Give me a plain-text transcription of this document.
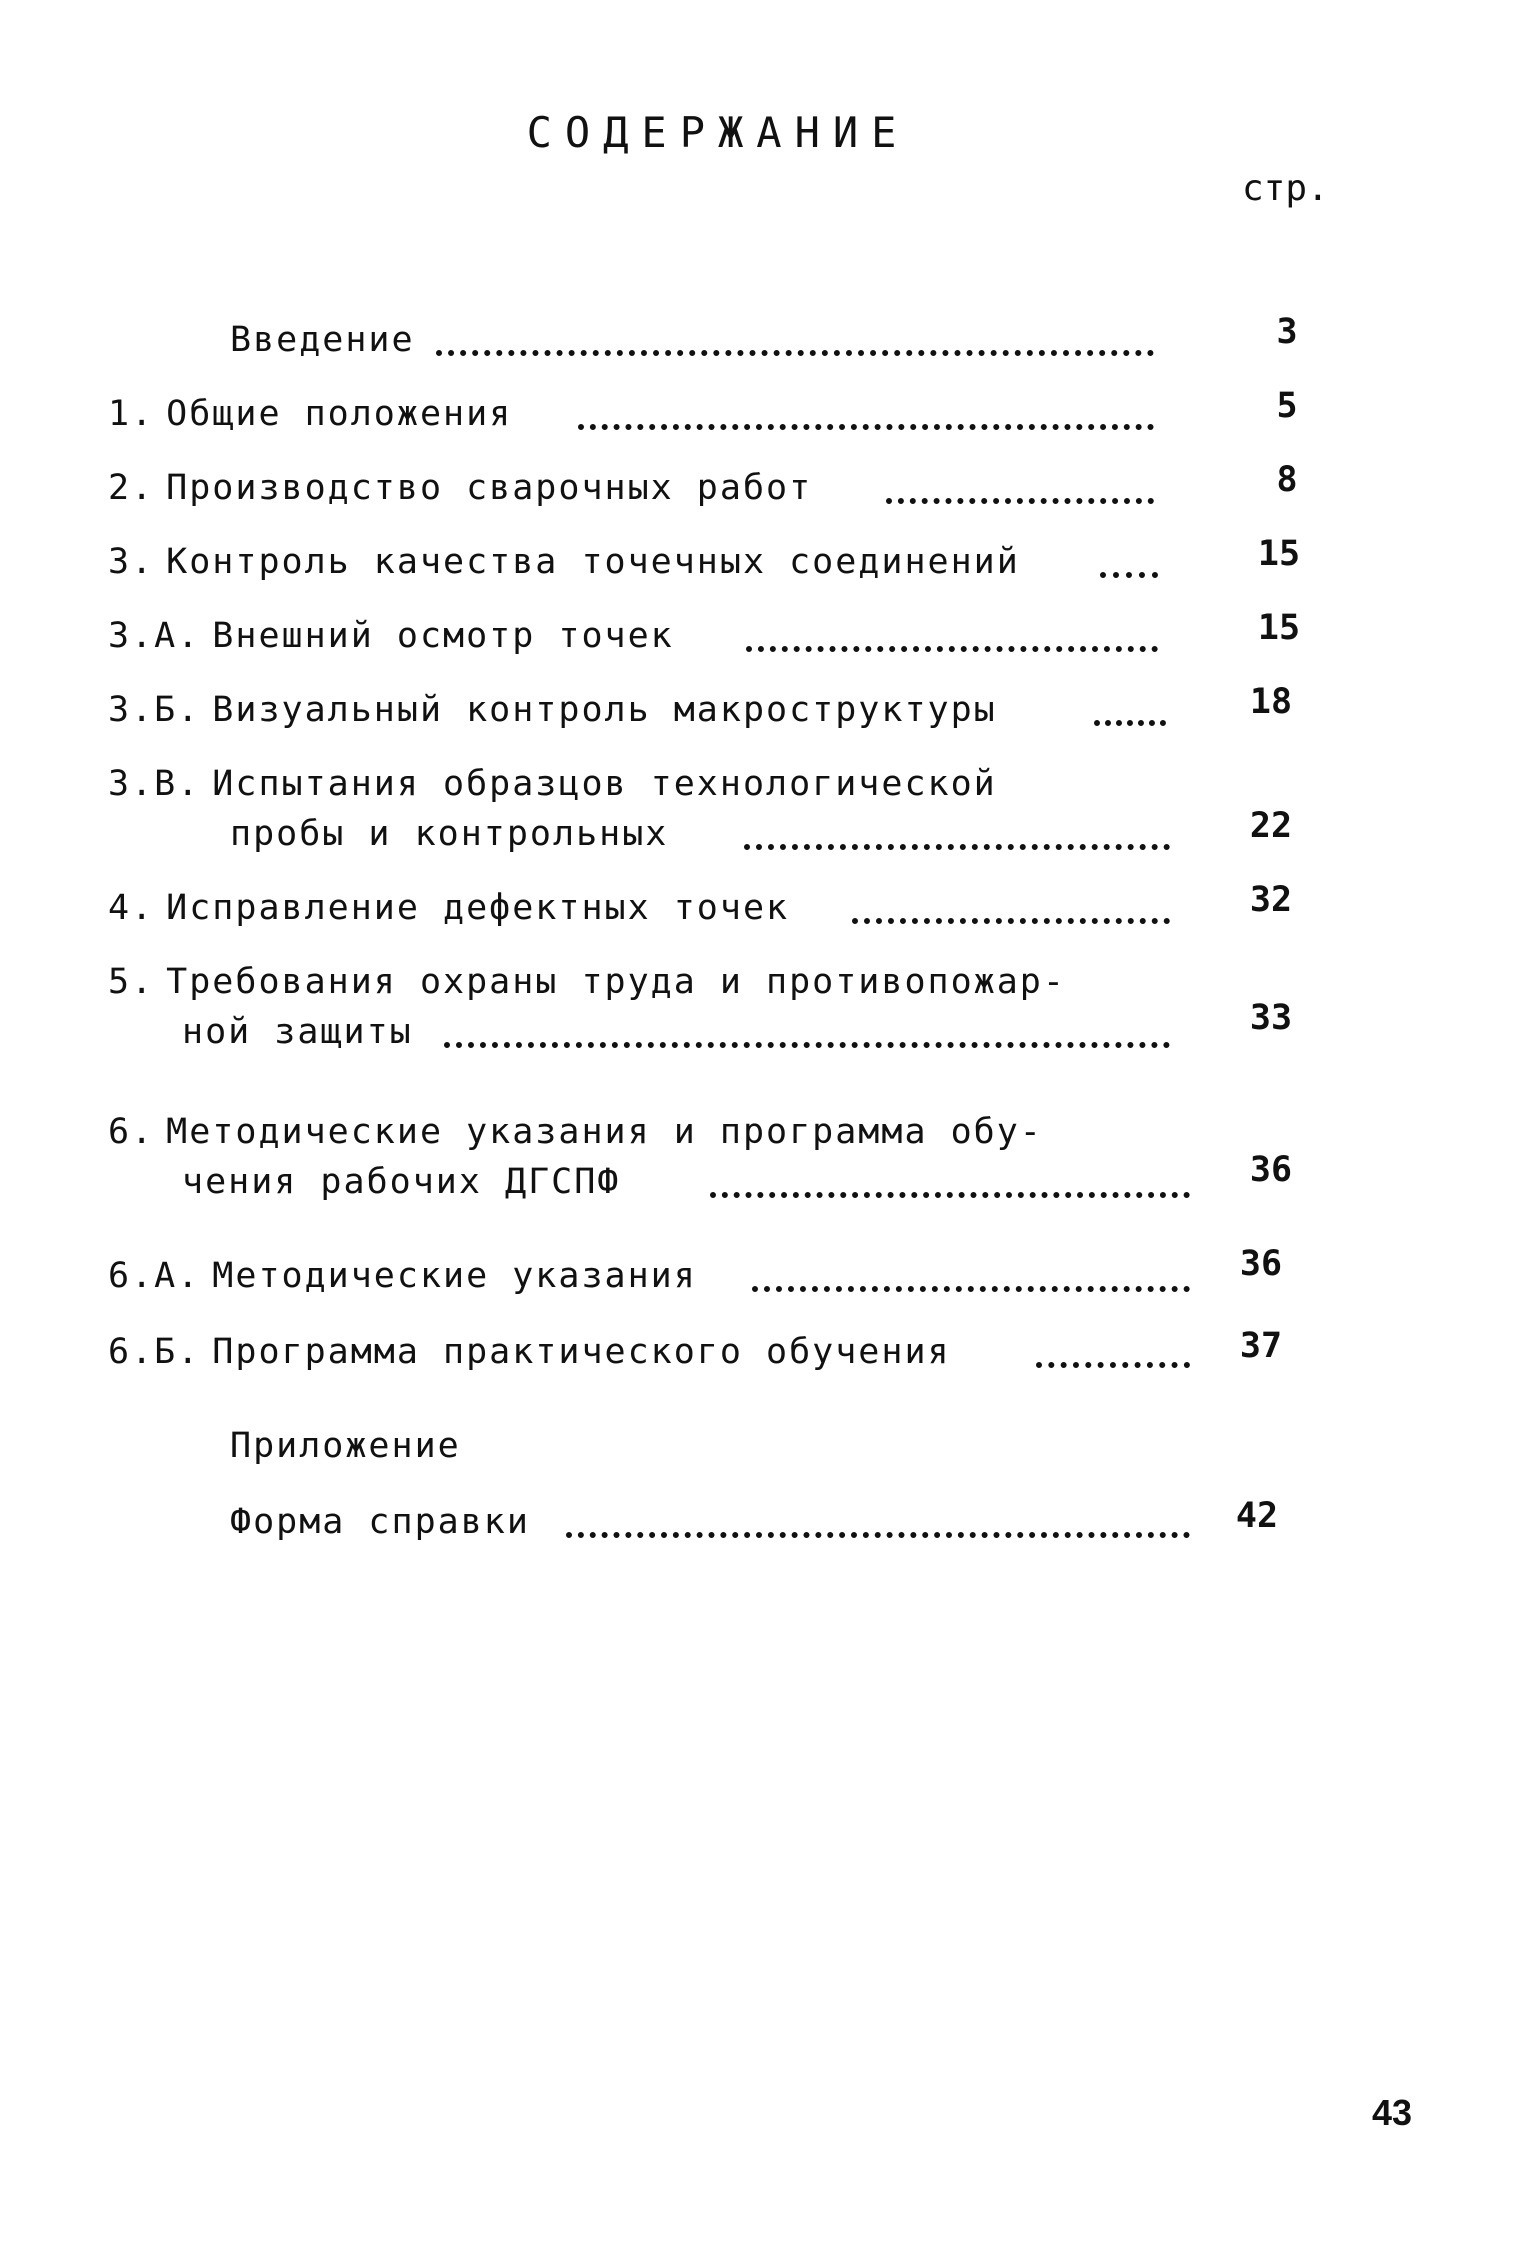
СОДЕРЖАНИЕ
стр.
Введение	3
1. Общие положения	5
2. Производство сварочных работ	8
3. Контроль качества точечных соединений	15
3.А. Внешний осмотр точек	15
3.Б. Визуальный контроль макроструктуры	18
3.В. Испытания образцов технологической
пробы и контрольных	22
4. Исправление дефектных точек	32
5. Требования охраны труда и противопожар-
ной защиты	33
6. Методические указания и программа обу-
чения рабочих ДГСПФ	36
6.А. Методические указания	36
6.Б. Программа практического обучения	37
Приложение
Форма справки	42
43
